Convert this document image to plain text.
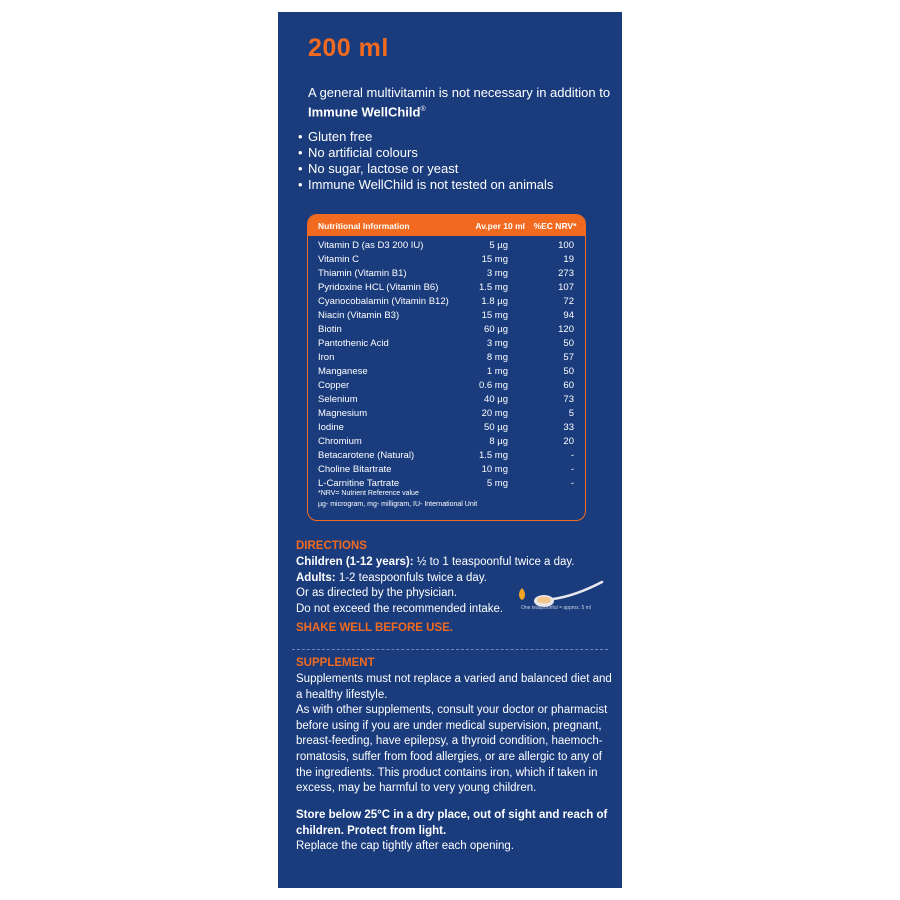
200 ml
A general multivitamin is not necessary in addition to
Immune WellChild®
• Gluten free
• No artificial colours
• No sugar, lactose or yeast
• Immune WellChild is not tested on animals
Nutritional Information	Av.per 10 ml	%EC NRV*
Vitamin D (as D3 200 IU)	5 µg	100
Vitamin C	15 mg	19
Thiamin (Vitamin B1)	3 mg	273
Pyridoxine HCL (Vitamin B6)	1.5 mg	107
Cyanocobalamin (Vitamin B12)	1.8 µg	72
Niacin (Vitamin B3)	15 mg	94
Biotin	60 µg	120
Pantothenic Acid	3 mg	50
Iron	8 mg	57
Manganese	1 mg	50
Copper	0.6 mg	60
Selenium	40 µg	73
Magnesium	20 mg	5
Iodine	50 µg	33
Chromium	8 µg	20
Betacarotene (Natural)	1.5 mg	-
Choline Bitartrate	10 mg	-
L-Carnitine Tartrate	5 mg	-
*NRV= Nutrient Reference value
µg- microgram, mg- milligram, IU- International Unit
DIRECTIONS
Children (1-12 years): ½ to 1 teaspoonful twice a day.
Adults: 1-2 teaspoonfuls twice a day.
Or as directed by the physician.
Do not exceed the recommended intake.	One teaspoonful = approx. 5 ml
SHAKE WELL BEFORE USE.
SUPPLEMENT

Supplements must not replace a varied and balanced diet and a healthy lifestyle.

As with other supplements, consult your doctor or pharmacist before using if you are under medical supervision, pregnant, breast-feeding, have epilepsy, a thyroid condition, haemoch-romatosis, suffer from food allergies, or are allergic to any of the ingredients. This product contains iron, which if taken in excess, may be harmful to very young children.

Store below 25°C in a dry place, out of sight and reach of children. Protect from light.
Replace the cap tightly after each opening.
